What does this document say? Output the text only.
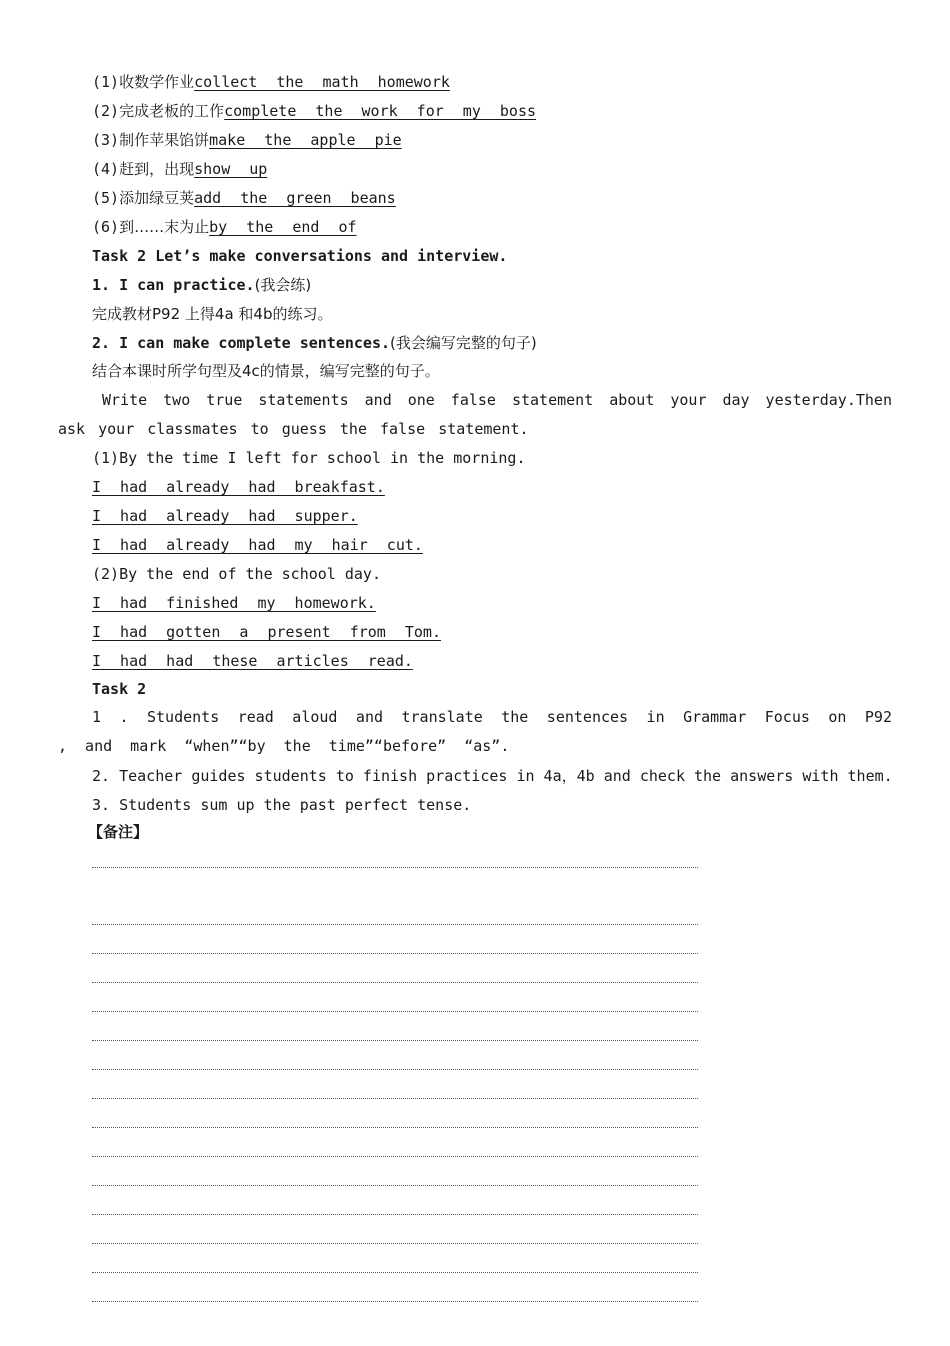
(1)收数学作业collect the math homework
(2)完成老板的工作complete the work for my boss
(3)制作苹果馅饼make the apple pie
(4)赶到，出现show up
(5)添加绿豆荚add the green beans
(6)到……末为止by the end of
Task 2 Let’s make conversations and interview.
1. I can practice.(我会练)
完成教材P92 上得4a 和4b的练习。
2. I can make complete sentences.(我会编写完整的句子)
结合本课时所学句型及4c的情景，编写完整的句子。
Write two true statements and one false statement about your day yesterday.Then ask your classmates to guess the false statement.
(1)By the time I left for school in the morning.
I had already had breakfast.
I had already had supper.
I had already had my hair cut.
(2)By the end of the school day.
I had finished my homework.
I had gotten a present from Tom.
I had had these articles read.
Task 2
1 . Students read aloud and translate the sentences in Grammar Focus on P92 , and mark “when”“by the time”“before” “as”.
2. Teacher guides students to finish practices in 4a，4b and check the answers with them.
3. Students sum up the past perfect tense.
【备注】
